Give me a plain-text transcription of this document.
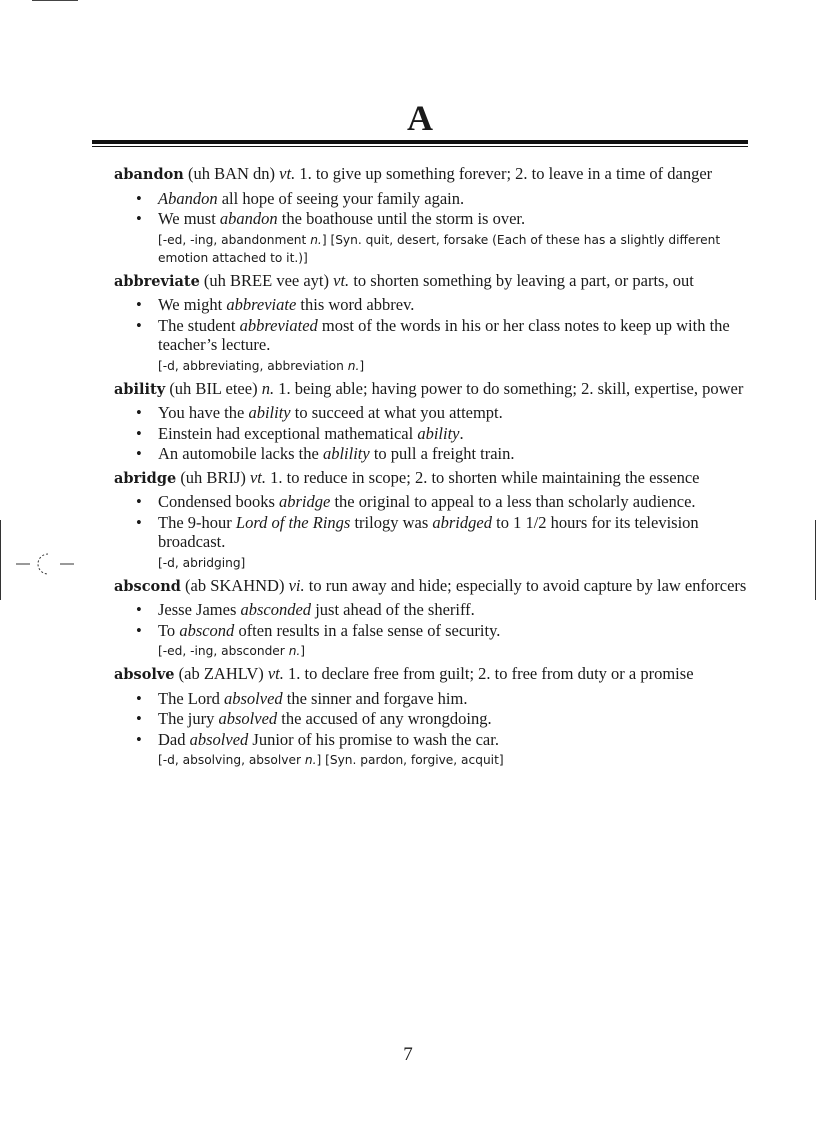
A

abandon (uh BAN dn) vt. 1. to give up something forever; 2. to leave in a time of danger

• Abandon all hope of seeing your family again.
• We must abandon the boathouse until the storm is over.
[-ed, -ing, abandonment n.] [Syn. quit, desert, forsake (Each of these has a slightly different emotion attached to it.)]

abbreviate (uh BREE vee ayt) vt. to shorten something by leaving a part, or parts, out

• We might abbreviate this word abbrev.
• The student abbreviated most of the words in his or her class notes to keep up with the teacher’s lecture.
[-d, abbreviating, abbreviation n.]

ability (uh BIL etee) n. 1. being able; having power to do something; 2. skill, expertise, power

• You have the ability to succeed at what you attempt.
• Einstein had exceptional mathematical ability.
• An automobile lacks the ablility to pull a freight train.

abridge (uh BRIJ) vt. 1. to reduce in scope; 2. to shorten while maintaining the essence

• Condensed books abridge the original to appeal to a less than scholarly audience.
• The 9-hour Lord of the Rings trilogy was abridged to 1 1/2 hours for its television broadcast.
[-d, abridging]

abscond (ab SKAHND) vi. to run away and hide; especially to avoid capture by law enforcers

• Jesse James absconded just ahead of the sheriff.
• To abscond often results in a false sense of security.
[-ed, -ing, absconder n.]

absolve (ab ZAHLV) vt. 1. to declare free from guilt; 2. to free from duty or a promise

• The Lord absolved the sinner and forgave him.
• The jury absolved the accused of any wrongdoing.
• Dad absolved Junior of his promise to wash the car.
[-d, absolving, absolver n.] [Syn. pardon, forgive, acquit]
7
